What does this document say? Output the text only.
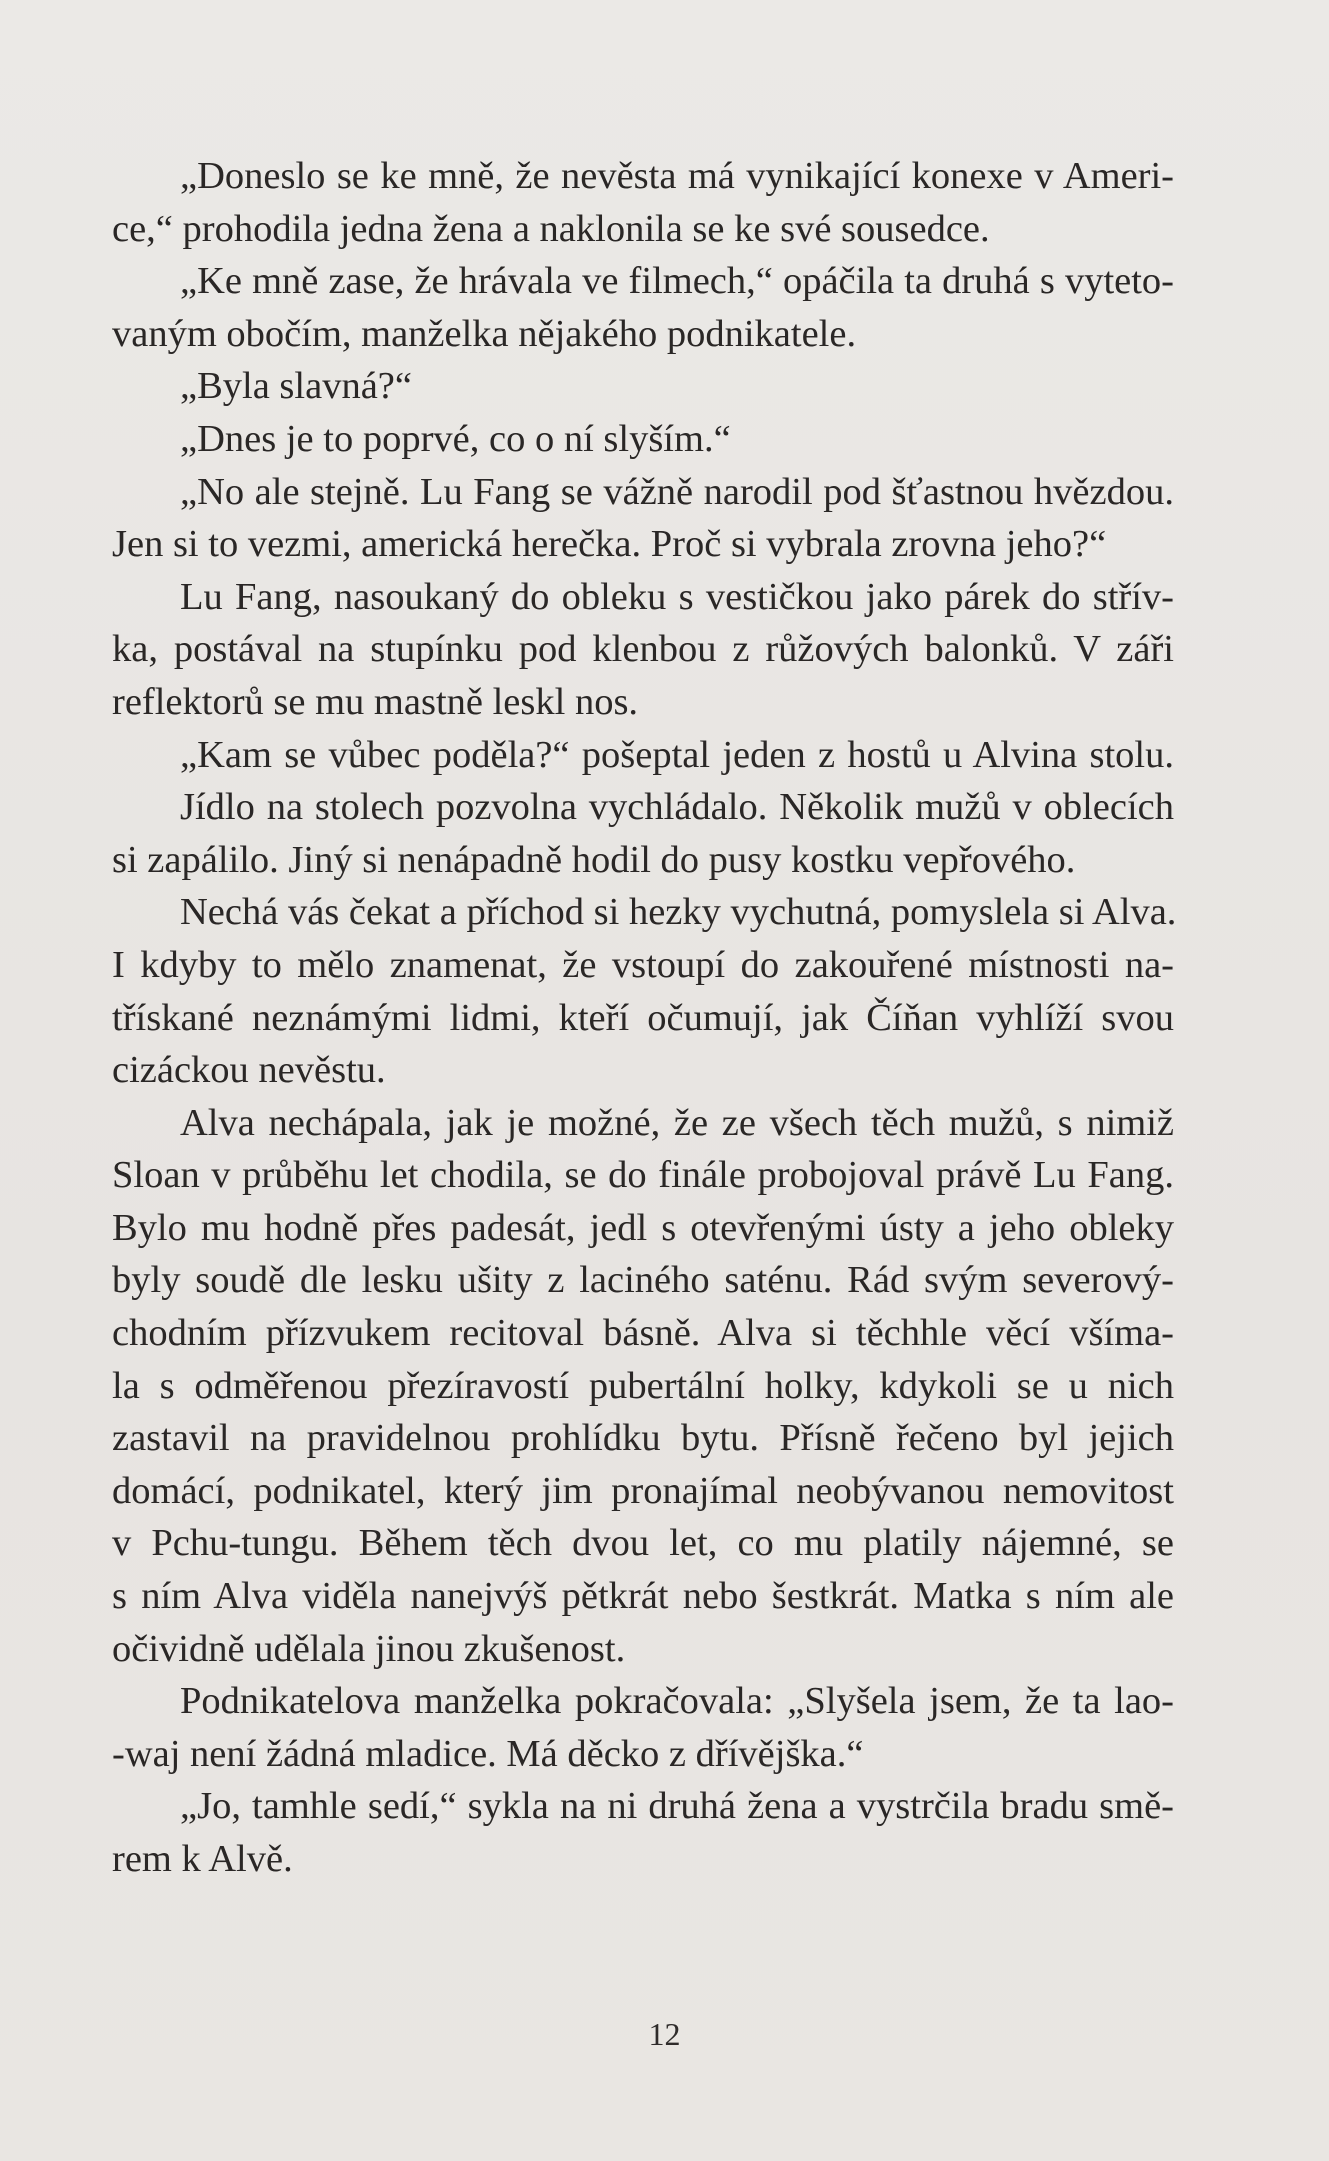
„Doneslo se ke mně, že nevěsta má vynikající konexe v Ameri-
ce,“ prohodila jedna žena a naklonila se ke své sousedce.
„Ke mně zase, že hrávala ve filmech,“ opáčila ta druhá s vyteto-
vaným obočím, manželka nějakého podnikatele.
„Byla slavná?“
„Dnes je to poprvé, co o ní slyším.“
„No ale stejně. Lu Fang se vážně narodil pod šťastnou hvězdou.
Jen si to vezmi, americká herečka. Proč si vybrala zrovna jeho?“
Lu Fang, nasoukaný do obleku s vestičkou jako párek do střív-
ka, postával na stupínku pod klenbou z růžových balonků. V záři
reflektorů se mu mastně leskl nos.
„Kam se vůbec poděla?“ pošeptal jeden z hostů u Alvina stolu.
Jídlo na stolech pozvolna vychládalo. Několik mužů v oblecích
si zapálilo. Jiný si nenápadně hodil do pusy kostku vepřového.
Nechá vás čekat a příchod si hezky vychutná, pomyslela si Alva.
I kdyby to mělo znamenat, že vstoupí do zakouřené místnosti na-
třískané neznámými lidmi, kteří očumují, jak Číňan vyhlíží svou
cizáckou nevěstu.
Alva nechápala, jak je možné, že ze všech těch mužů, s nimiž
Sloan v průběhu let chodila, se do finále probojoval právě Lu Fang.
Bylo mu hodně přes padesát, jedl s otevřenými ústy a jeho obleky
byly soudě dle lesku ušity z laciného saténu. Rád svým severový-
chodním přízvukem recitoval básně. Alva si těchhle věcí všíma-
la s odměřenou přezíravostí pubertální holky, kdykoli se u nich
zastavil na pravidelnou prohlídku bytu. Přísně řečeno byl jejich
domácí, podnikatel, který jim pronajímal neobývanou nemovitost
v Pchu-tungu. Během těch dvou let, co mu platily nájemné, se
s ním Alva viděla nanejvýš pětkrát nebo šestkrát. Matka s ním ale
očividně udělala jinou zkušenost.
Podnikatelova manželka pokračovala: „Slyšela jsem, že ta lao-
-waj není žádná mladice. Má děcko z dřívějška.“
„Jo, tamhle sedí,“ sykla na ni druhá žena a vystrčila bradu smě-
rem k Alvě.
12
